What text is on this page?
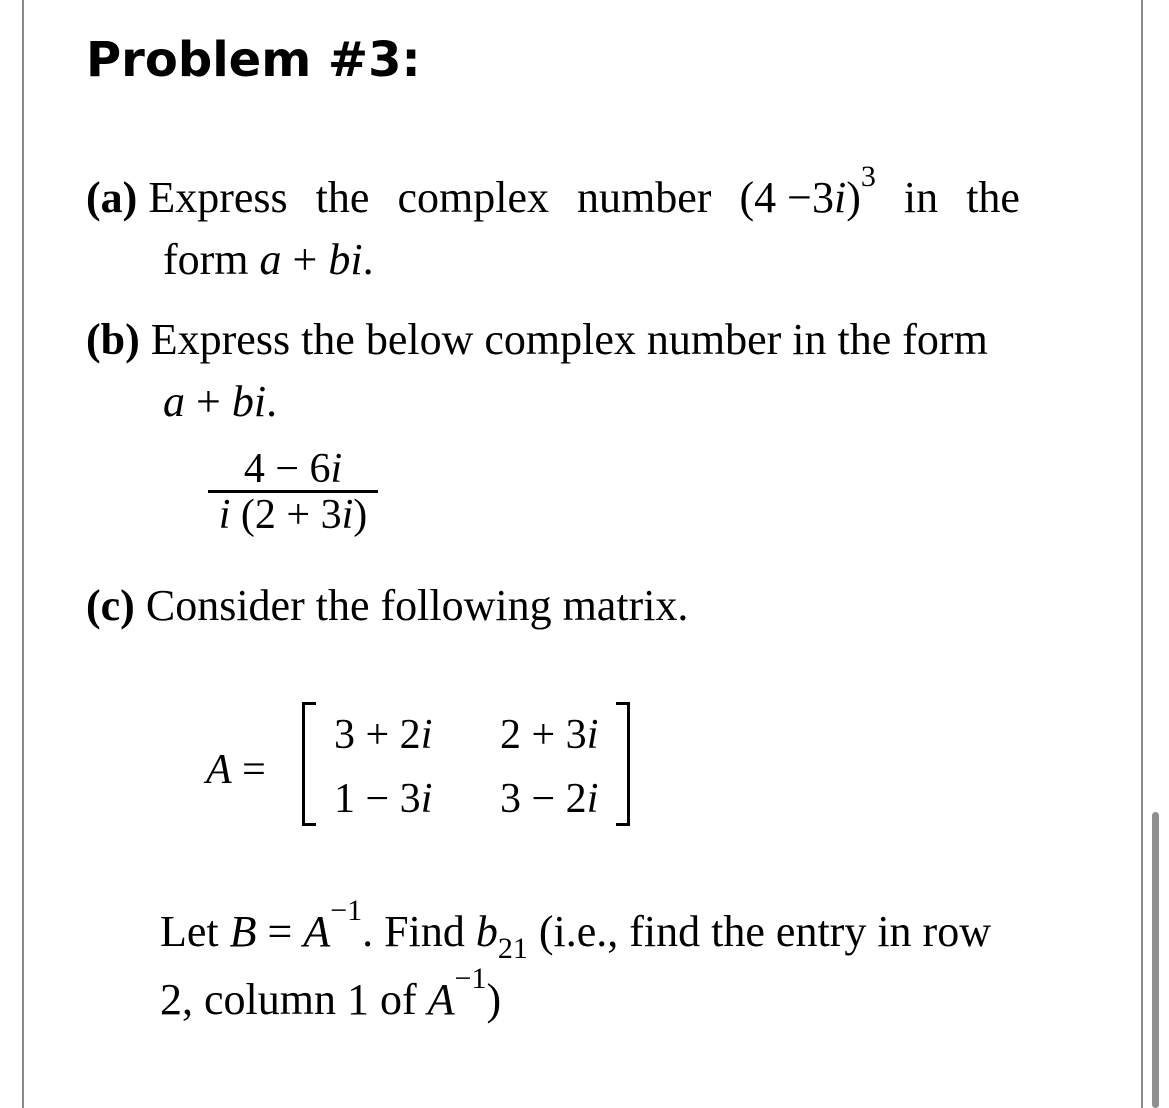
Problem #3:
(a) Express the complex number $(4 -3i)^3$ in the
form a + bi.
(b) Express the below complex number in the form
a + bi.
4 − 6i
i (2 + 3i)
(c) Consider the following matrix.
A =
3 + 2i 2 + 3i
1 − 3i 3 − 2i
Let $B = A^{-1}$. Find $b_{21}$ (i.e., find the entry in row
2, column 1 of $A^{-1}$)
